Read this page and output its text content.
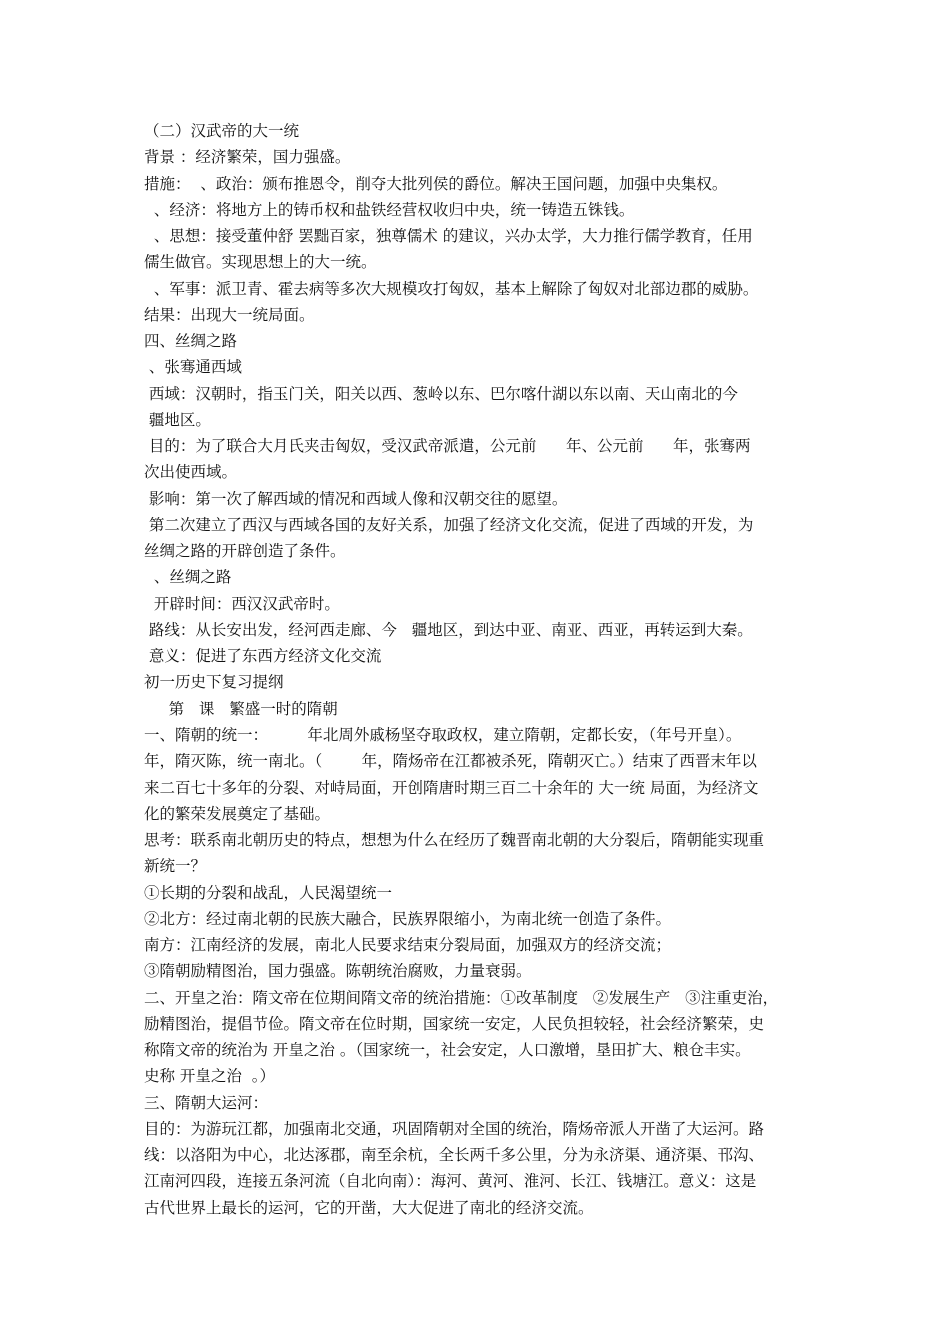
（二）汉武帝的大一统
背景 ：经济繁荣，国力强盛。
措施：  、政治：颁布推恩令，削夺大批列侯的爵位。解决王国问题，加强中央集权。
、经济：将地方上的铸币权和盐铁经营权收归中央，统一铸造五铢钱。
、思想：接受董仲舒 罢黜百家，独尊儒术 的建议，兴办太学，大力推行儒学教育，任用
儒生做官。实现思想上的大一统。
、军事：派卫青、霍去病等多次大规模攻打匈奴，基本上解除了匈奴对北部边郡的威胁。
结果：出现大一统局面。
四、丝绸之路
、张骞通西域
西域：汉朝时，指玉门关，阳关以西、葱岭以东、巴尔喀什湖以东以南、天山南北的今
疆地区。
目的：为了联合大月氏夹击匈奴，受汉武帝派遣，公元前      年、公元前      年，张骞两
次出使西域。
影响：第一次了解西域的情况和西域人像和汉朝交往的愿望。
第二次建立了西汉与西域各国的友好关系，加强了经济文化交流，促进了西域的开发，为
丝绸之路的开辟创造了条件。
、丝绸之路
开辟时间：西汉汉武帝时。
路线：从长安出发，经河西走廊、今   疆地区，到达中亚、南亚、西亚，再转运到大秦。
意义：促进了东西方经济文化交流
初一历史下复习提纲
第   课   繁盛一时的隋朝
一、隋朝的统一：        年北周外戚杨坚夺取政权，建立隋朝，定都长安，（年号开皇）。
年，隋灭陈，统一南北。（        年，隋炀帝在江都被杀死，隋朝灭亡。）结束了西晋末年以
来二百七十多年的分裂、对峙局面，开创隋唐时期三百二十余年的 大一统 局面，为经济文
化的繁荣发展奠定了基础。
思考：联系南北朝历史的特点，想想为什么在经历了魏晋南北朝的大分裂后，隋朝能实现重
新统一？
①长期的分裂和战乱，人民渴望统一
②北方：经过南北朝的民族大融合，民族界限缩小，为南北统一创造了条件。
南方：江南经济的发展，南北人民要求结束分裂局面，加强双方的经济交流；
③隋朝励精图治，国力强盛。陈朝统治腐败，力量衰弱。
二、开皇之治：隋文帝在位期间隋文帝的统治措施：①改革制度   ②发展生产   ③注重吏治，
励精图治，提倡节俭。隋文帝在位时期，国家统一安定，人民负担较轻，社会经济繁荣，史
称隋文帝的统治为 开皇之治 。（国家统一，社会安定，人口激增，垦田扩大、粮仓丰实。
史称 开皇之治  。）
三、隋朝大运河：
目的：为游玩江都，加强南北交通，巩固隋朝对全国的统治，隋炀帝派人开凿了大运河。路
线：以洛阳为中心，北达涿郡，南至余杭，全长两千多公里，分为永济渠、通济渠、邗沟、
江南河四段，连接五条河流（自北向南）：海河、黄河、淮河、长江、钱塘江。意义：这是
古代世界上最长的运河，它的开凿，大大促进了南北的经济交流。
